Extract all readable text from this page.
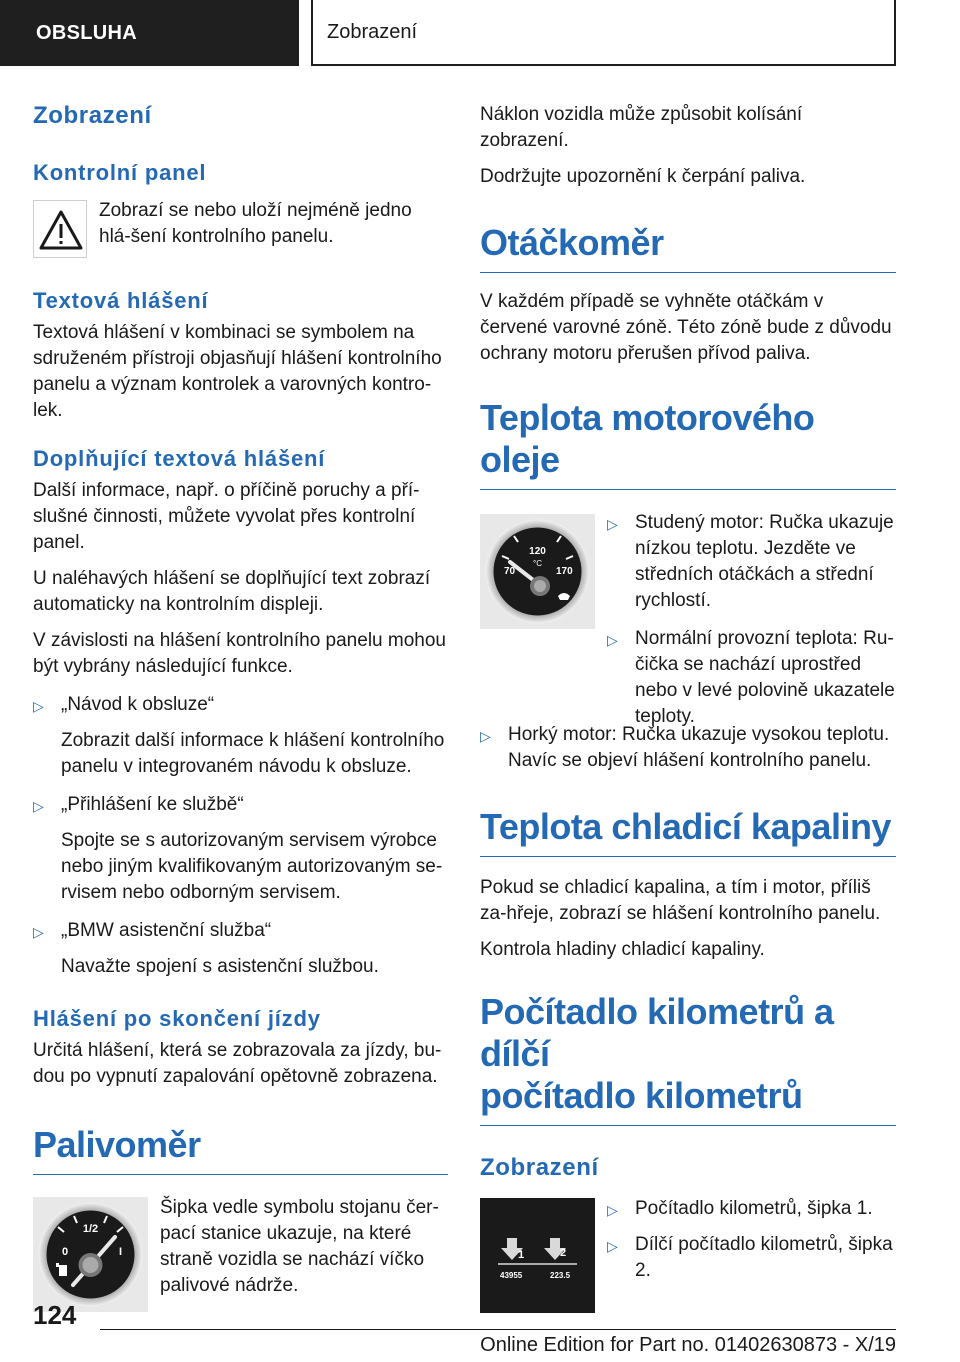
OBSLUHA	Zobrazení
Zobrazení
Kontrolní panel
Zobrazí se nebo uloží nejméně jedno hlá-šení kontrolního panelu.
Textová hlášení

Textová hlášení v kombinaci se symbolem na sdruženém přístroji objasňují hlášení kontrolního panelu a význam kontrolek a varovných kontro-lek.

Doplňující textová hlášení

Další informace, např. o příčině poruchy a pří-slušné činnosti, můžete vyvolat přes kontrolní panel.

U naléhavých hlášení se doplňující text zobrazí automaticky na kontrolním displeji.

V závislosti na hlášení kontrolního panelu mohou být vybrány následující funkce.

▷ „Návod k obsluze“
Zobrazit další informace k hlášení kontrolního panelu v integrovaném návodu k obsluze.
▷ „Přihlášení ke službě“
Spojte se s autorizovaným servisem výrobce nebo jiným kvalifikovaným autorizovaným se-rvisem nebo odborným servisem.
▷ „BMW asistenční služba“
Navažte spojení s asistenční službou.
Hlášení po skončení jízdy

Určitá hlášení, která se zobrazovala za jízdy, bu-dou po vypnutí zapalování opětovně zobrazena.

Palivoměr
1/2
0	I
Šipka vedle symbolu stojanu čer-pací stanice ukazuje, na které straně vozidla se nachází víčko palivové nádrže.

Náklon vozidla může způsobit kolísání zobrazení.

Dodržujte upozornění k čerpání paliva.

Otáčkoměr

V každém případě se vyhněte otáčkám v červené varovné zóně. Této zóně bude z důvodu ochrany motoru přerušen přívod paliva.

Teplota motorového oleje
120
°C
70	170
▷ Studený motor: Ručka ukazuje nízkou teplotu. Jezděte ve středních otáčkách a střední rychlostí.
▷ Normální provozní teplota: Ru-čička se nachází uprostřed nebo v levé polovině ukazatele teploty.
▷ Horký motor: Ručka ukazuje vysokou teplotu. Navíc se objeví hlášení kontrolního panelu.
Teplota chladicí kapaliny

Pokud se chladicí kapalina, a tím i motor, příliš za-hřeje, zobrazí se hlášení kontrolního panelu.

Kontrola hladiny chladicí kapaliny.

Počítadlo kilometrů a dílčí
počítadlo kilometrů
Zobrazení
1	2
43955	223.5
▷ Počítadlo kilometrů, šipka 1.
▷ Dílčí počítadlo kilometrů, šipka 2.
124
Online Edition for Part no. 01402630873 - X/19
